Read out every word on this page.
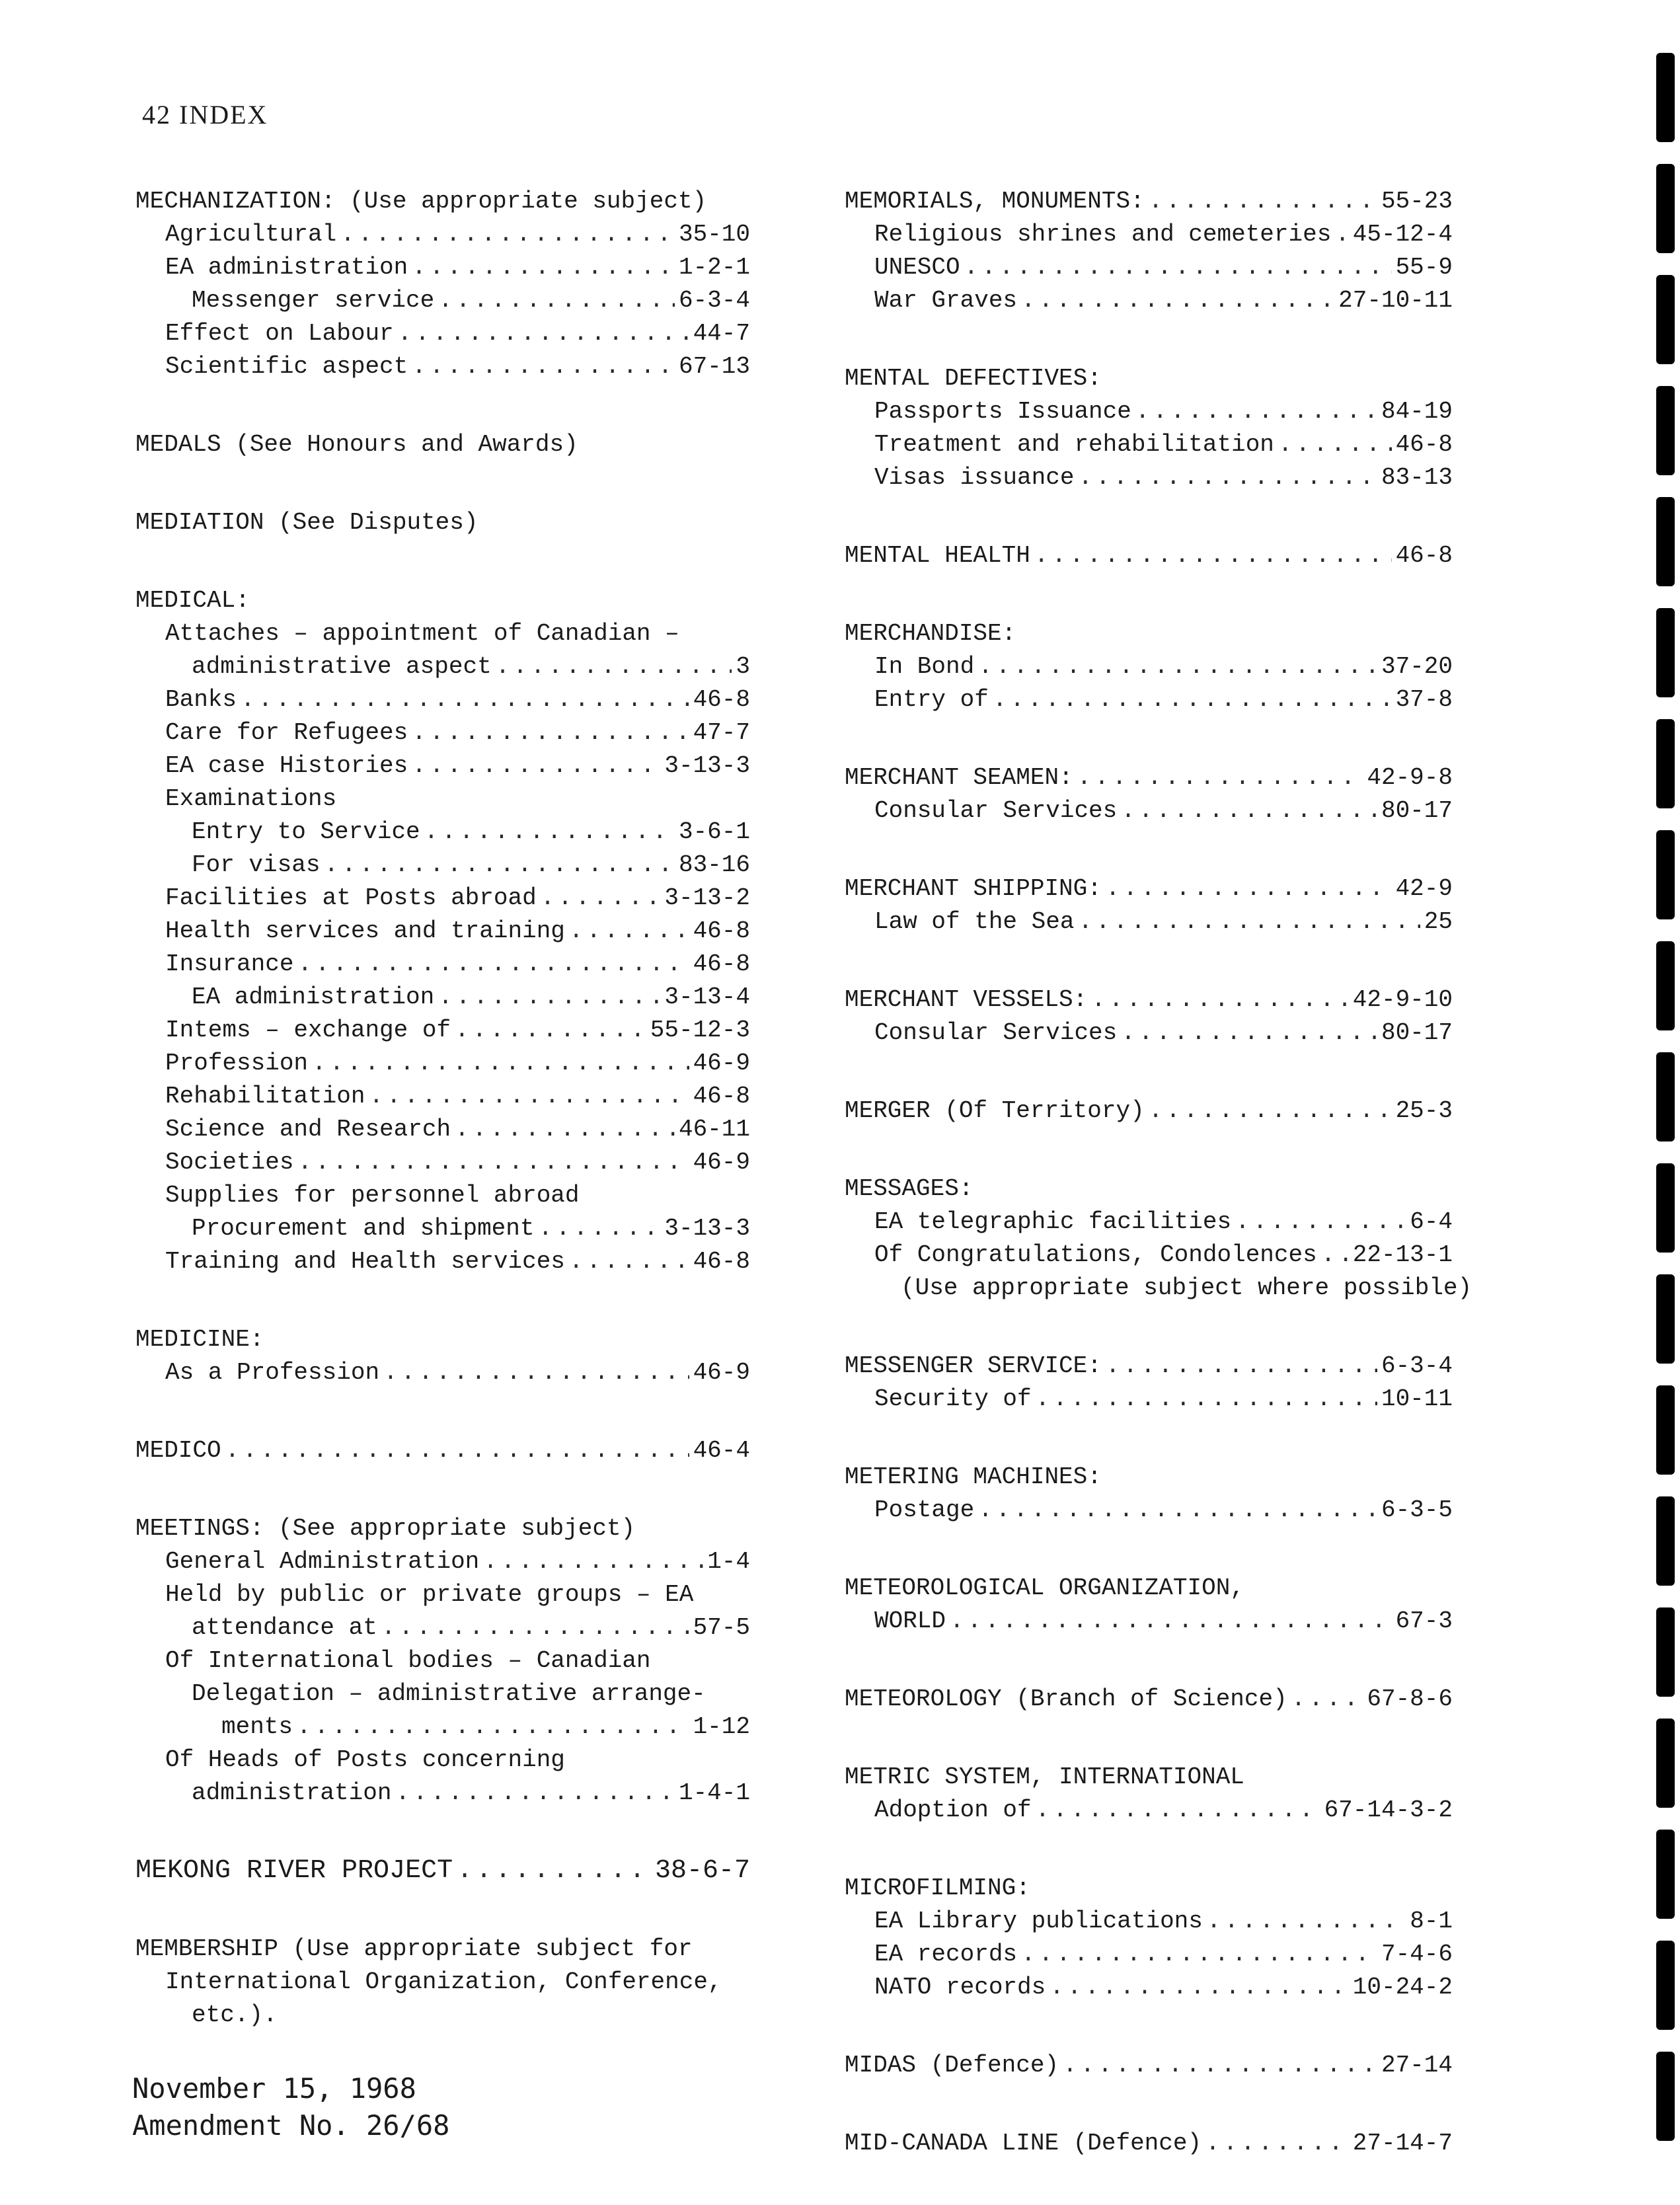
42 INDEX
MECHANIZATION: (Use appropriate subject)
Agricultural .....	35-10
EA administration .....	1-2-1
Messenger service .....	6-3-4
Effect on Labour .....	44-7
Scientific aspect .....	67-13
MEDALS (See Honours and Awards)
MEDIATION (See Disputes)
MEDICAL:
Attaches – appointment of Canadian –
administrative aspect .....	3
Banks .....	46-8
Care for Refugees .....	47-7
EA case Histories .....	3-13-3
Examinations
Entry to Service .....	3-6-1
For visas .....	83-16
Facilities at Posts abroad .....	3-13-2
Health services and training .....	46-8
Insurance .....	46-8
EA administration .....	3-13-4
Intems – exchange of .....	55-12-3
Profession .....	46-9
Rehabilitation .....	46-8
Science and Research .....	46-11
Societies .....	46-9
Supplies for personnel abroad
Procurement and shipment .....	3-13-3
Training and Health services .....	46-8
MEDICINE:
As a Profession .....	46-9
MEDICO .....	46-4
MEETINGS: (See appropriate subject)
General Administration .....	1-4
Held by public or private groups – EA
attendance at .....	57-5
Of International bodies – Canadian
Delegation – administrative arrange-
ments .....	1-12
Of Heads of Posts concerning
administration .....	1-4-1
MEKONG RIVER PROJECT .....	38-6-7
MEMBERSHIP (Use appropriate subject for
International Organization, Conference,
etc.).
MEMORIALS, MONUMENTS: .....	55-23
Religious shrines and cemeteries ..... 45-12-4
UNESCO .....	55-9
War Graves .....	27-10-11
MENTAL DEFECTIVES:
Passports Issuance .....	84-19
Treatment and rehabilitation .....	46-8
Visas issuance .....	83-13
MENTAL HEALTH .....	46-8
MERCHANDISE:
In Bond .....	37-20
Entry of .....	37-8
MERCHANT SEAMEN: .....	42-9-8
Consular Services .....	80-17
MERCHANT SHIPPING: .....	42-9
Law of the Sea .....	25
MERCHANT VESSELS: .....	42-9-10
Consular Services .....	80-17
MERGER (Of Territory) .....	25-3
MESSAGES:
EA telegraphic facilities .....	6-4
Of Congratulations, Condolences ..... 22-13-1
(Use appropriate subject where possible)
MESSENGER SERVICE: .....	6-3-4
Security of .....	10-11
METERING MACHINES:
Postage .....	6-3-5
METEOROLOGICAL ORGANIZATION,
WORLD .....	67-3
METEOROLOGY (Branch of Science) .....	67-8-6
METRIC SYSTEM, INTERNATIONAL
Adoption of .....	67-14-3-2
MICROFILMING:
EA Library publications .....	8-1
EA records .....	7-4-6
NATO records .....	10-24-2
MIDAS (Defence) .....	27-14
MID-CANADA LINE (Defence) .....	27-14-7
November 15, 1968
Amendment No. 26/68
